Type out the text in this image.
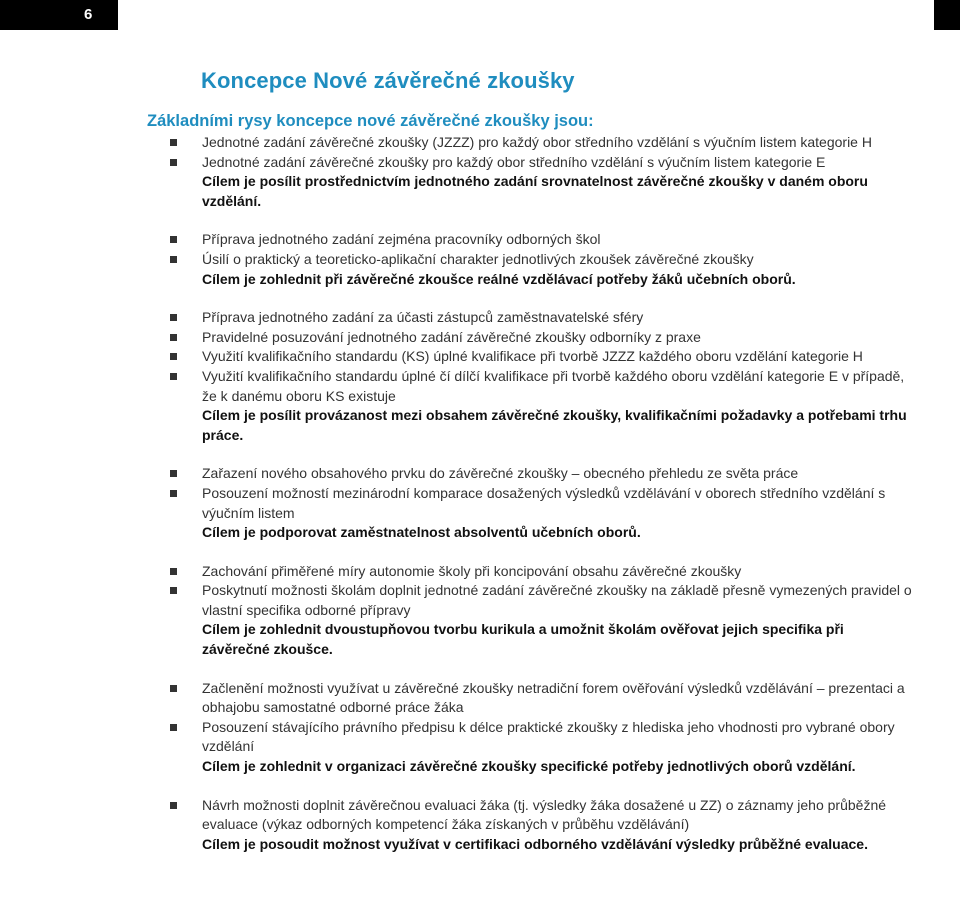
6
Koncepce Nové závěrečné zkoušky
Základními rysy koncepce nové závěrečné zkoušky jsou:
Jednotné zadání závěrečné zkoušky (JZZZ) pro každý obor středního vzdělání s výučním listem kategorie H
Jednotné zadání závěrečné zkoušky pro každý obor středního vzdělání s výučním listem kategorie E
Cílem je posílit prostřednictvím jednotného zadání srovnatelnost závěrečné zkoušky v daném oboru vzdělání.
Příprava jednotného zadání zejména pracovníky odborných škol
Úsilí o praktický a teoreticko-aplikační charakter jednotlivých zkoušek závěrečné zkoušky
Cílem je zohlednit při závěrečné zkoušce reálné vzdělávací potřeby žáků učebních oborů.
Příprava jednotného zadání za účasti zástupců zaměstnavatelské sféry
Pravidelné posuzování jednotného zadání závěrečné zkoušky odborníky z praxe
Využití kvalifikačního standardu (KS) úplné kvalifikace při tvorbě JZZZ každého oboru vzdělání kategorie H
Využití kvalifikačního standardu úplné čí dílčí kvalifikace při tvorbě každého oboru vzdělání kategorie E v případě, že k danému oboru KS existuje
Cílem je posílit provázanost mezi obsahem závěrečné zkoušky, kvalifikačními požadavky a potřebami trhu práce.
Zařazení nového obsahového prvku do závěrečné zkoušky – obecného přehledu ze světa práce
Posouzení možností mezinárodní komparace dosažených výsledků vzdělávání v oborech středního vzdělání s výučním listem
Cílem je podporovat zaměstnatelnost absolventů učebních oborů.
Zachování přiměřené míry autonomie školy při koncipování obsahu závěrečné zkoušky
Poskytnutí možnosti školám doplnit jednotné zadání závěrečné zkoušky na základě přesně vymezených pravidel o vlastní specifika odborné přípravy
Cílem je zohlednit dvoustupňovou tvorbu kurikula a umožnit školám ověřovat jejich specifika při závěrečné zkoušce.
Začlenění možnosti využívat u závěrečné zkoušky netradiční forem ověřování výsledků vzdělávání – prezentaci a obhajobu samostatné odborné práce žáka
Posouzení stávajícího právního předpisu k délce praktické zkoušky z hlediska jeho vhodnosti pro vybrané obory vzdělání
Cílem je zohlednit v organizaci závěrečné zkoušky specifické potřeby jednotlivých oborů vzdělání.
Návrh možnosti doplnit závěrečnou evaluaci žáka (tj. výsledky žáka dosažené u ZZ) o záznamy jeho průběžné evaluace (výkaz odborných kompetencí žáka získaných v průběhu vzdělávání)
Cílem je posoudit možnost využívat v certifikaci odborného vzdělávání výsledky průběžné evaluace.
